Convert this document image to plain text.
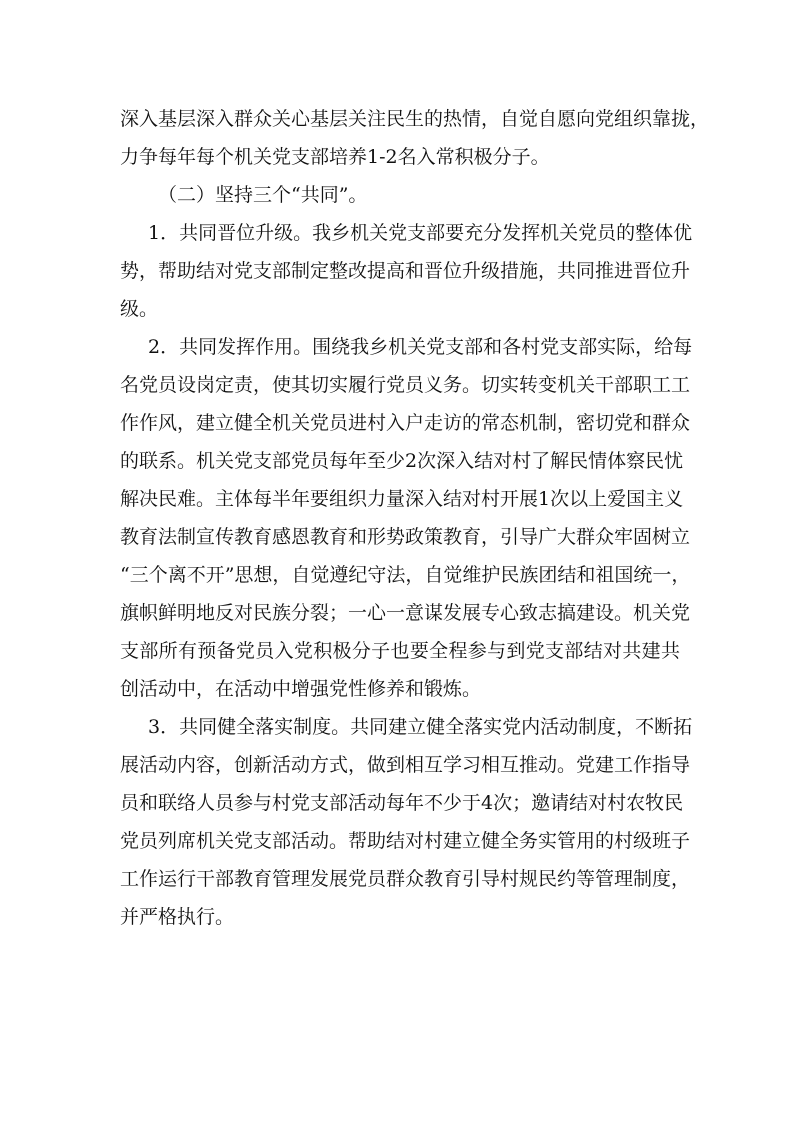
深入基层深入群众关心基层关注民生的热情，自觉自愿向党组织靠拢，
力争每年每个机关党支部培养1-2名入常积极分子。
（二）坚持三个“共同”。
1．共同晋位升级。我乡机关党支部要充分发挥机关党员的整体优
势，帮助结对党支部制定整改提高和晋位升级措施，共同推进晋位升
级。
2．共同发挥作用。围绕我乡机关党支部和各村党支部实际，给每
名党员设岗定责，使其切实履行党员义务。切实转变机关干部职工工
作作风，建立健全机关党员进村入户走访的常态机制，密切党和群众
的联系。机关党支部党员每年至少2次深入结对村了解民情体察民忧
解决民难。主体每半年要组织力量深入结对村开展1次以上爱国主义
教育法制宣传教育感恩教育和形势政策教育，引导广大群众牢固树立
“三个离不开”思想，自觉遵纪守法，自觉维护民族团结和祖国统一，
旗帜鲜明地反对民族分裂；一心一意谋发展专心致志搞建设。机关党
支部所有预备党员入党积极分子也要全程参与到党支部结对共建共
创活动中，在活动中增强党性修养和锻炼。
3．共同健全落实制度。共同建立健全落实党内活动制度，不断拓
展活动内容，创新活动方式，做到相互学习相互推动。党建工作指导
员和联络人员参与村党支部活动每年不少于4次；邀请结对村农牧民
党员列席机关党支部活动。帮助结对村建立健全务实管用的村级班子
工作运行干部教育管理发展党员群众教育引导村规民约等管理制度，
并严格执行。
